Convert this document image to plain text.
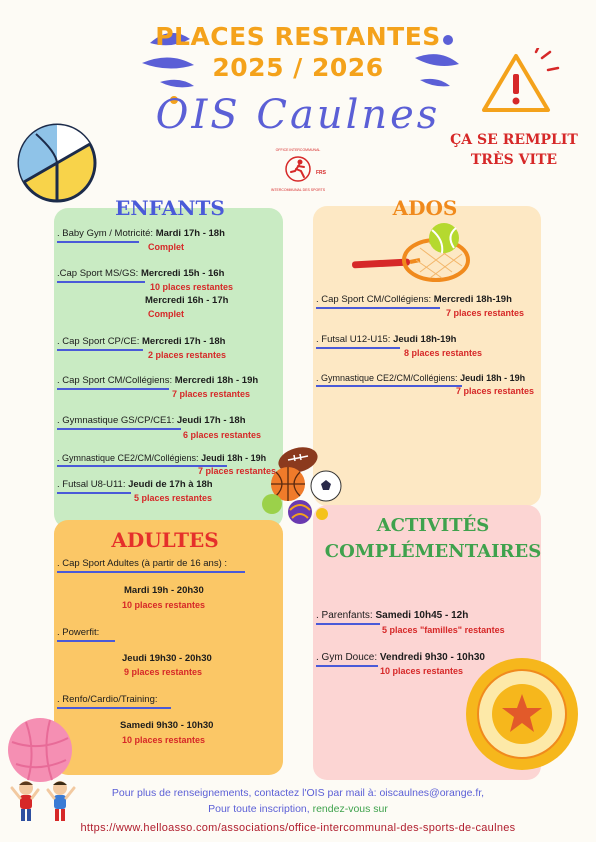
PLACES RESTANTES
2025 / 2026
OIS Caulnes
ÇA SE REMPLIT
TRÈS VITE
OFFICE INTERCOMMUNAL
FRS
INTERCOMMUNAL DES SPORTS
ENFANTS
. Baby Gym / Motricité: Mardi 17h - 18h
Complet
.Cap Sport MS/GS: Mercredi 15h - 16h
10 places restantes
Mercredi 16h - 17h
Complet
. Cap Sport CP/CE: Mercredi 17h - 18h
2 places restantes
. Cap Sport CM/Collégiens: Mercredi 18h - 19h
7 places restantes
. Gymnastique GS/CP/CE1: Jeudi 17h - 18h
6 places restantes
. Gymnastique CE2/CM/Collégiens: Jeudi 18h - 19h
7 places restantes
. Futsal U8-U11: Jeudi de 17h à 18h
5 places restantes
ADOS
. Cap Sport CM/Collégiens: Mercredi 18h-19h
7 places restantes
. Futsal U12-U15: Jeudi 18h-19h
8 places restantes
. Gymnastique CE2/CM/Collégiens: Jeudi 18h - 19h
7 places restantes
ACTIVITÉS
COMPLÉMENTAIRES
. Parenfants: Samedi 10h45 - 12h
5 places "familles" restantes
. Gym Douce: Vendredi 9h30 - 10h30
10 places restantes
ADULTES
. Cap Sport Adultes (à partir de 16 ans) :
Mardi 19h - 20h30
10 places restantes
. Powerfit:
Jeudi 19h30 - 20h30
9 places restantes
. Renfo/Cardio/Training:
Samedi 9h30 - 10h30
10 places restantes
Pour plus de renseignements, contactez l'OIS par mail à: oiscaulnes@orange.fr,
Pour toute inscription, rendez-vous sur
https://www.helloasso.com/associations/office-intercommunal-des-sports-de-caulnes
